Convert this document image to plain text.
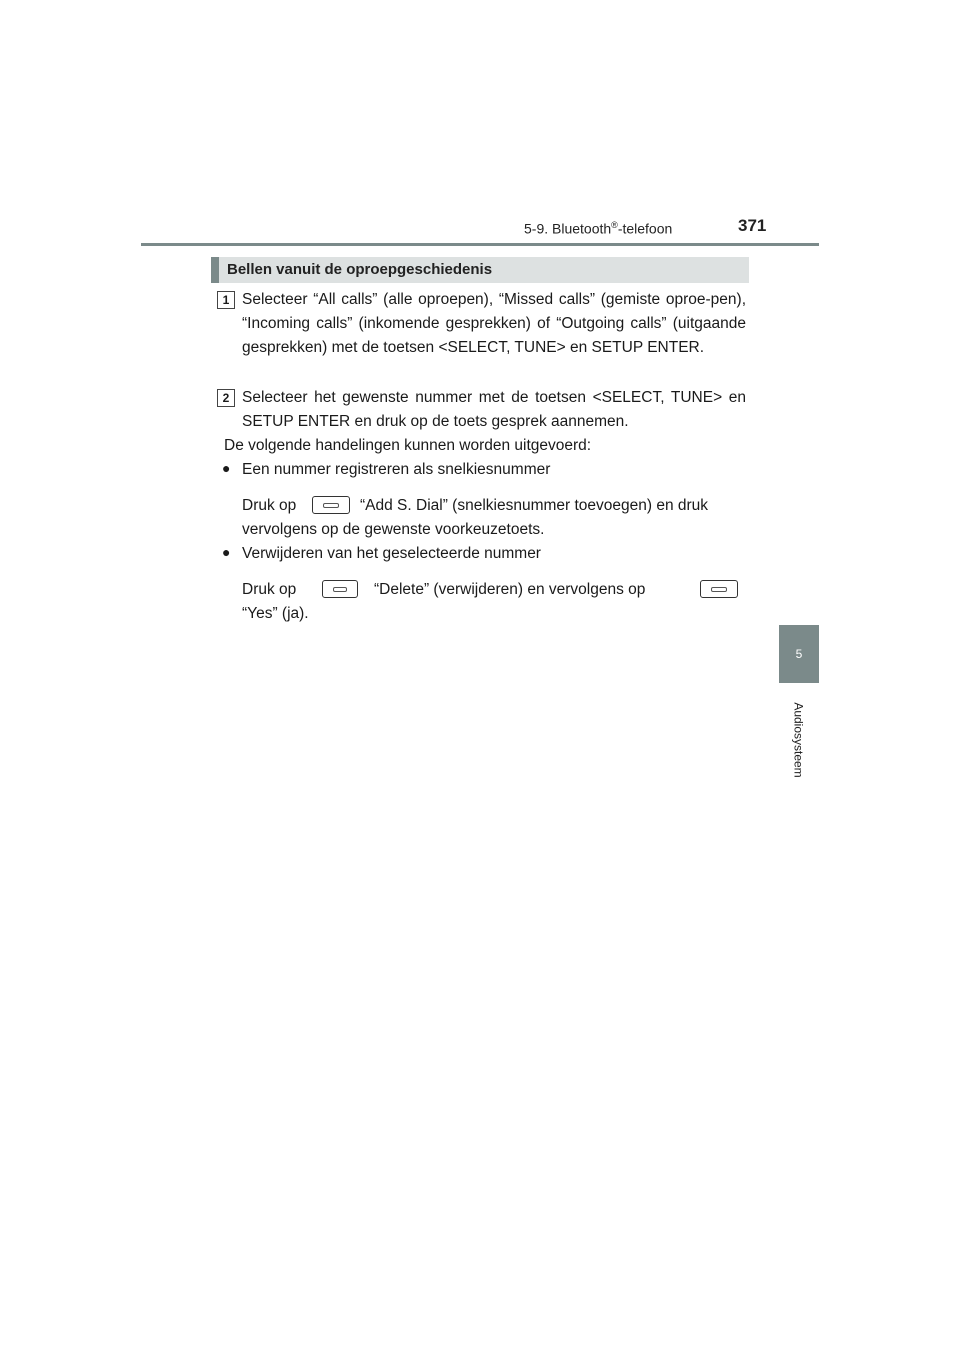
5-9. Bluetooth®-telefoon	371
5
Audiosysteem
Bellen vanuit de oproepgeschiedenis
1 Selecteer “All calls” (alle oproepen), “Missed calls” (gemiste oproe-pen), “Incoming calls” (inkomende gesprekken) of “Outgoing calls” (uitgaande gesprekken) met de toetsen <SELECT, TUNE> en SETUP ENTER.
2 Selecteer het gewenste nummer met de toetsen <SELECT, TUNE> en SETUP ENTER en druk op de toets gesprek aannemen.
De volgende handelingen kunnen worden uitgevoerd:
● Een nummer registreren als snelkiesnummer
Druk op	“Add S. Dial” (snelkiesnummer toevoegen) en druk
vervolgens op de gewenste voorkeuzetoets.
● Verwijderen van het geselecteerde nummer
Druk op	“Delete” (verwijderen) en vervolgens op
“Yes” (ja).
